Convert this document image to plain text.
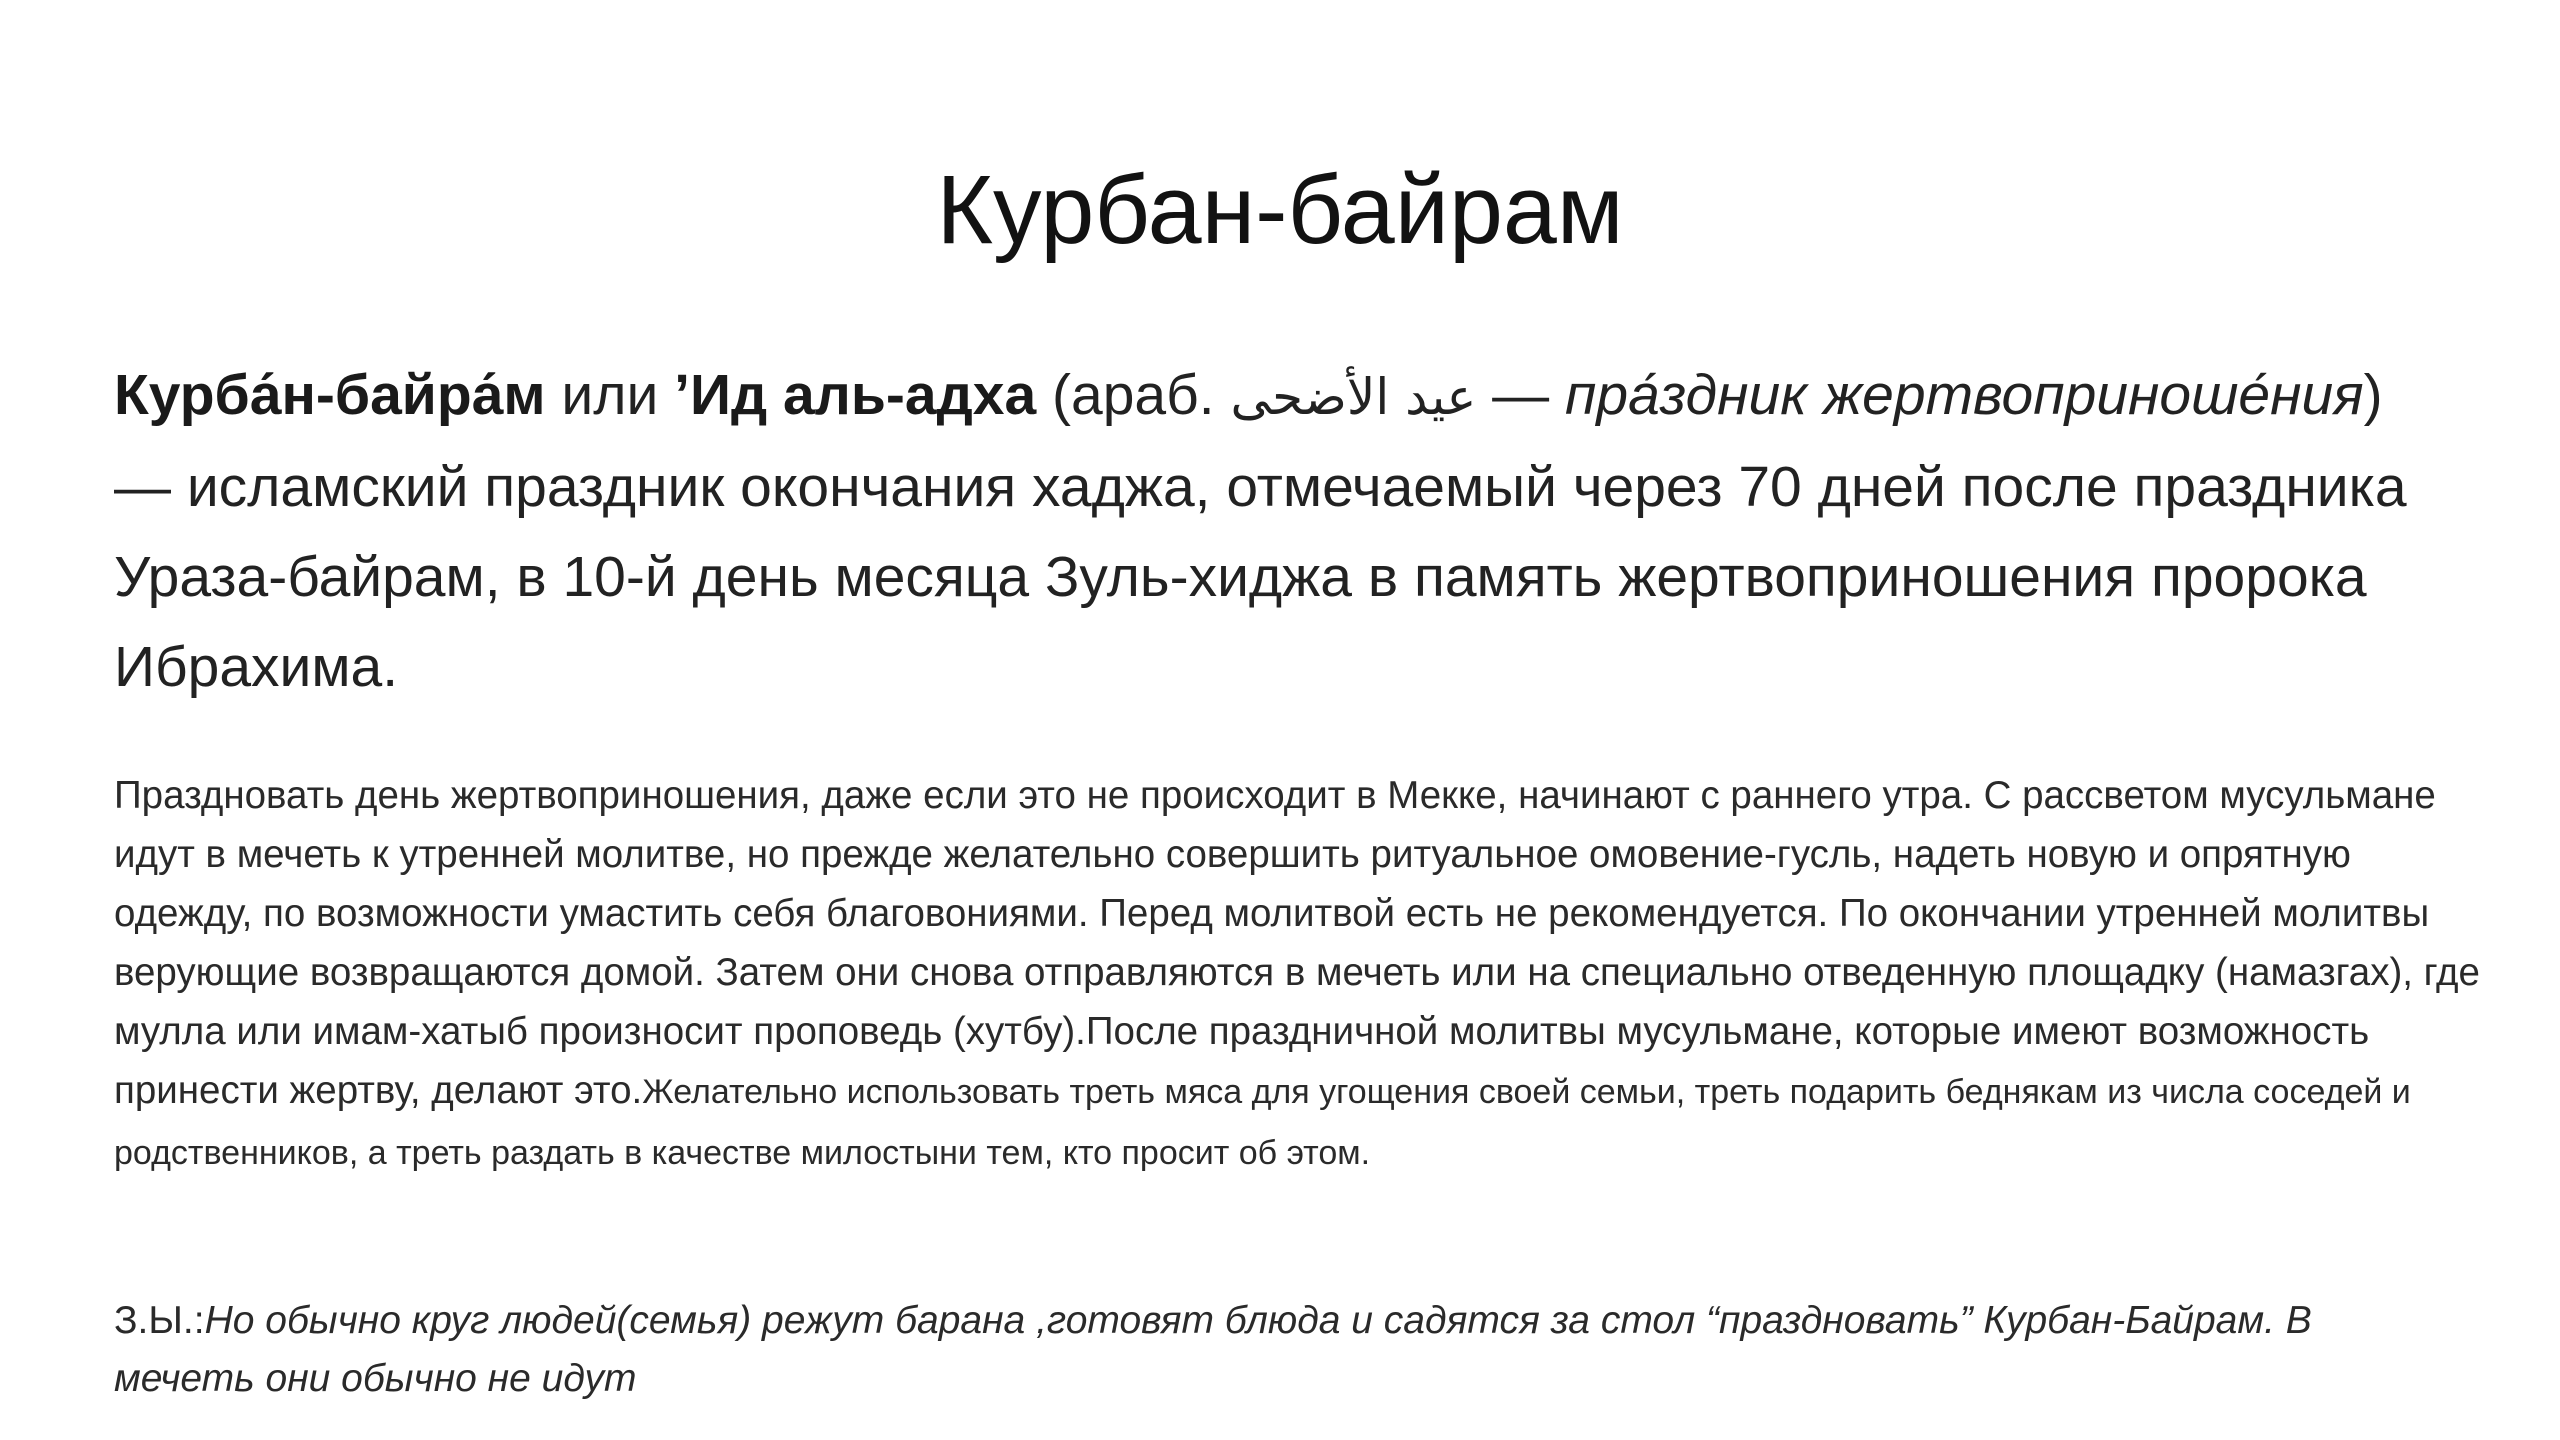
Курбан-байрам

Курба́н-байра́м или ’Ид аль-адха (араб. عيد الأضحى — пра́здник жертвоприноше́ния) — исламский праздник окончания хаджа, отмечаемый через 70 дней после праздника Ураза-байрам, в 10-й день месяца Зуль-хиджа в память жертвоприношения пророка Ибрахима.

Праздновать день жертвоприношения, даже если это не происходит в Мекке, начинают с раннего утра. С рассветом мусульмане идут в мечеть к утренней молитве, но прежде желательно совершить ритуальное омовение-гусль, надеть новую и опрятную одежду, по возможности умастить себя благовониями. Перед молитвой есть не рекомендуется. По окончании утренней молитвы верующие возвращаются домой. Затем они снова отправляются в мечеть или на специально отведенную площадку (намазгах), где мулла или имам-хатыб произносит проповедь (хутбу).После праздничной молитвы мусульмане, которые имеют возможность принести жертву, делают это.Желательно использовать треть мяса для угощения своей семьи, треть подарить беднякам из числа соседей и родственников, а треть раздать в качестве милостыни тем, кто просит об этом.

З.Ы.:Но обычно круг людей(семья) режут барана ,готовят блюда и садятся за стол “праздновать” Курбан-Байрам. В мечеть они обычно не идут
